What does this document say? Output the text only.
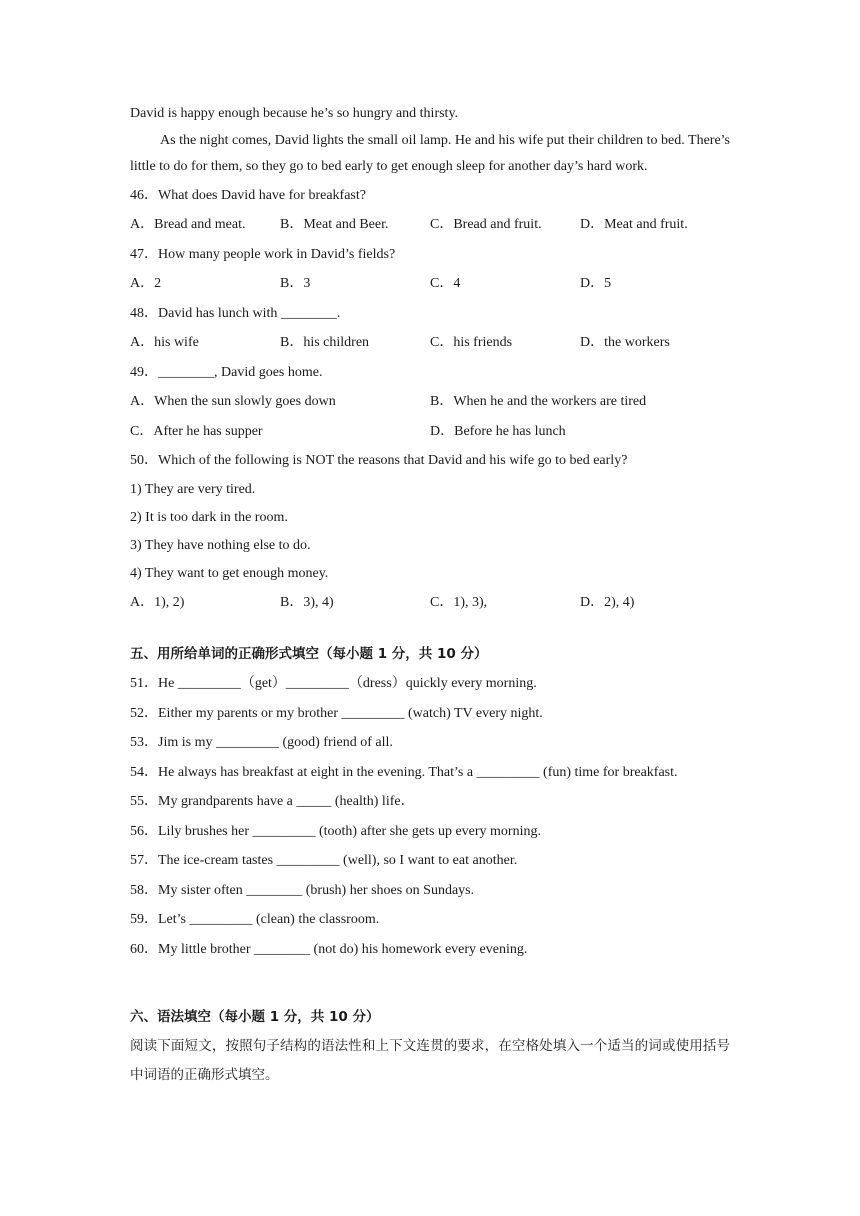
David is happy enough because he’s so hungry and thirsty.

As the night comes, David lights the small oil lamp. He and his wife put their children to bed. There’s little to do for them, so they go to bed early to get enough sleep for another day’s hard work.

46．What does David have for breakfast?

A．Bread and meat.	B．Meat and Beer.	C．Bread and fruit.	D．Meat and fruit.

47．How many people work in David’s fields?

A．2	B．3	C．4	D．5

48．David has lunch with ________.

A．his wife	B．his children	C．his friends	D．the workers

49．________, David goes home.

A．When the sun slowly goes down	B．When he and the workers are tired
C．After he has supper	D．Before he has lunch

50．Which of the following is NOT the reasons that David and his wife go to bed early?

1) They are very tired.

2) It is too dark in the room.

3) They have nothing else to do.

4) They want to get enough money.

A．1), 2)	B．3), 4)	C．1), 3),	D．2), 4)

五、用所给单词的正确形式填空（每小题 1 分，共 10 分）

51．He _________（get）_________（dress）quickly every morning.

52．Either my parents or my brother _________ (watch) TV every night.

53．Jim is my _________ (good) friend of all.

54．He always has breakfast at eight in the evening. That’s a _________ (fun) time for breakfast.

55．My grandparents have a _____ (health) life．

56．Lily brushes her _________ (tooth) after she gets up every morning.

57．The ice-cream tastes _________ (well), so I want to eat another.

58．My sister often ________ (brush) her shoes on Sundays.

59．Let’s _________ (clean) the classroom.

60．My little brother ________ (not do) his homework every evening.

六、语法填空（每小题 1 分，共 10 分）

阅读下面短文，按照句子结构的语法性和上下文连贯的要求，在空格处填入一个适当的词或使用括号中词语的正确形式填空。
